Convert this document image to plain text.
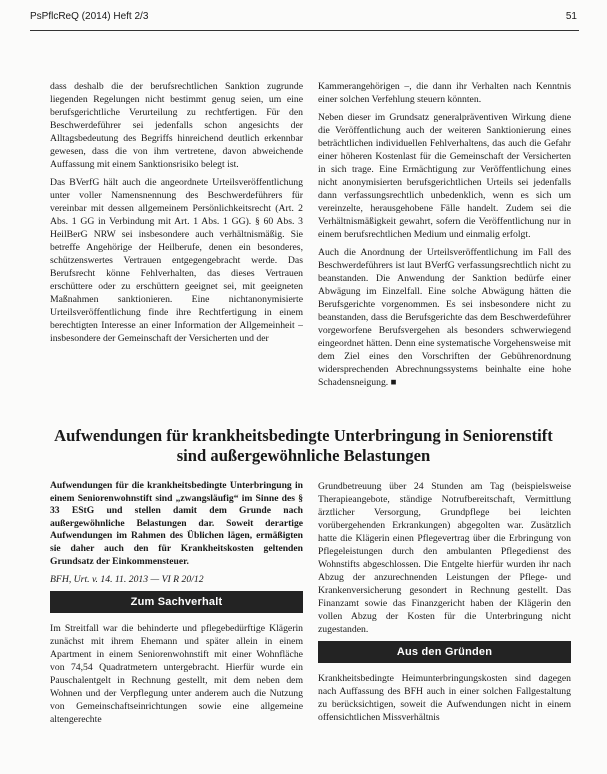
PsPflcReQ (2014) Heft 2/3	51

dass deshalb die der berufsrechtlichen Sanktion zugrunde liegenden Regelungen nicht bestimmt genug seien, um eine berufsgerichtliche Verurteilung zu rechtfertigen. Für den Beschwerdeführer sei jedenfalls schon angesichts der Alltagsbedeutung des Begriffs hinreichend deutlich erkennbar gewesen, dass die von ihm vertretene, davon abweichende Auffassung mit einem Sanktionsrisiko belegt ist.

Das BVerfG hält auch die angeordnete Urteilsveröffentlichung unter voller Namensnennung des Beschwerdeführers für vereinbar mit dessen allgemeinem Persönlichkeitsrecht (Art. 2 Abs. 1 GG in Verbindung mit Art. 1 Abs. 1 GG). § 60 Abs. 3 HeilBerG NRW sei insbesondere auch verhältnismäßig. Sie betreffe Angehörige der Heilberufe, denen ein besonderes, schützenswertes Vertrauen entgegengebracht werde. Das Berufsrecht könne Fehlverhalten, das dieses Vertrauen erschüttere oder zu erschüttern geeignet sei, mit geeigneten Maßnahmen sanktionieren. Eine nichtanonymisierte Urteilsveröffentlichung finde ihre Rechtfertigung in einem berechtigten Interesse an einer Information der Allgemeinheit – insbesondere der Gemeinschaft der Versicherten und der

Kammerangehörigen –, die dann ihr Verhalten nach Kenntnis einer solchen Verfehlung steuern könnten.

Neben dieser im Grundsatz generalpräventiven Wirkung diene die Veröffentlichung auch der weiteren Sanktionierung eines beträchtlichen individuellen Fehlverhaltens, das auch die Gefahr einer höheren Kostenlast für die Gemeinschaft der Versicherten in sich trage. Eine Ermächtigung zur Veröffentlichung eines nicht anonymisierten berufsgerichtlichen Urteils sei jedenfalls dann verfassungsrechtlich unbedenklich, wenn es sich um vereinzelte, herausgehobene Fälle handelt. Zudem sei die Verhältnismäßigkeit gewahrt, sofern die Veröffentlichung nur in einem berufsrechtlichen Medium und einmalig erfolgt.

Auch die Anordnung der Urteilsveröffentlichung im Fall des Beschwerdeführers ist laut BVerfG verfassungsrechtlich nicht zu beanstanden. Die Anwendung der Sanktion bedürfe einer Abwägung im Einzelfall. Eine solche Abwägung hätten die Berufsgerichte vorgenommen. Es sei insbesondere nicht zu beanstanden, dass die Berufsgerichte das dem Beschwerdeführer vorgeworfene Berufsvergehen als besonders schwerwiegend eingeordnet hätten. Denn eine systematische Vorgehensweise mit dem Ziel eines den Vorschriften der Gebührenordnung widersprechenden Abrechnungssystems beinhalte eine hohe Schadensneigung. ■

Aufwendungen für krankheitsbedingte Unterbringung in Seniorenstift
sind außergewöhnliche Belastungen

Aufwendungen für die krankheitsbedingte Unterbringung in einem Seniorenwohnstift sind „zwangsläufig“ im Sinne des § 33 EStG und stellen damit dem Grunde nach außergewöhnliche Belastungen dar. Soweit derartige Aufwendungen im Rahmen des Üblichen lägen, ermäßigten sie daher auch den für Krankheitskosten geltenden Grundsatz der Einkommensteuer.

BFH, Urt. v. 14. 11. 2013 — VI R 20/12

Zum Sachverhalt

Im Streitfall war die behinderte und pflegebedürftige Klägerin zunächst mit ihrem Ehemann und später allein in einem Apartment in einem Seniorenwohnstift mit einer Wohnfläche von 74,54 Quadratmetern untergebracht. Hierfür wurde ein Pauschalentgelt in Rechnung gestellt, mit dem neben dem Wohnen und der Verpflegung unter anderem auch die Nutzung von Gemeinschaftseinrichtungen sowie eine allgemeine altengerechte

Grundbetreuung über 24 Stunden am Tag (beispielsweise Therapieangebote, ständige Notrufbereitschaft, Vermittlung ärztlicher Versorgung, Grundpflege bei leichten vorübergehenden Erkrankungen) abgegolten war. Zusätzlich hatte die Klägerin einen Pflegevertrag über die Erbringung von Pflegeleistungen durch den ambulanten Pflegedienst des Wohnstifts abgeschlossen. Die Entgelte hierfür wurden ihr nach Abzug der anzurechnenden Leistungen der Pflege- und Krankenversicherung gesondert in Rechnung gestellt. Das Finanzamt sowie das Finanzgericht haben der Klägerin den vollen Abzug der Kosten für die Unterbringung nicht zugestanden.

Aus den Gründen

Krankheitsbedingte Heimunterbringungskosten sind dagegen nach Auffassung des BFH auch in einer solchen Fallgestaltung zu berücksichtigen, soweit die Aufwendungen nicht in einem offensichtlichen Missverhältnis
